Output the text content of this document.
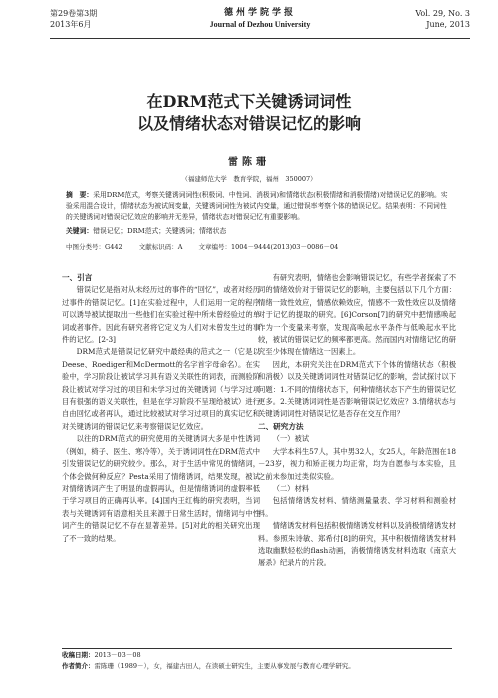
第29卷第3期
2013年6月
德州学院学报
Journal of Dezhou University
Vol. 29, No. 3
June, 2013
在DRM范式下关键诱词词性
以及情绪状态对错误记忆的影响
雷陈珊
（福建师范大学　教育学院，福州　350007）
摘　要：采用DRM范式，考察关键诱词词性(积极词、中性词、消极词)和情绪状态(积极情绪和消极情绪)对错误记忆的影响。实验采用混合设计，情绪状态为被试间变量，关键诱词词性为被试内变量，通过错误率考察个体的错误记忆。结果表明：不同词性的关键诱词对错误记忆效应的影响并无差异，情绪状态对错误记忆有重要影响。
关键词：错误记忆；DRM范式；关键诱词；情绪状态
中图分类号：G442 文献标识码：A 文章编号：1004－9444(2013)03－0086－04
一、引言

错误记忆是指对从未经历过的事件的“回忆”，或者对经历过事件的错误记忆。[1]在实验过程中，人们运用一定的程序可以诱导被试提取出一些他们在实验过程中所未曾经验过的单词或者事件。因此有研究者将它定义为人们对未曾发生过的事件的记忆。[2-3]

DRM范式是错误记忆研究中最经典的范式之一（它是以Deese、Roediger和McDermott的名字首字母命名）。在实验中，学习阶段让被试学习具有语义关联性的词表，而测验阶段让被试对学习过的项目和未学习过的关键诱词（与学习过项目有很强的语义关联性，但是在学习阶段不呈现给被试）进行自由回忆或者再认，通过比较被试对学习过项目的真实记忆和对关键诱词的错误记忆来考察错误记忆效应。

以往的DRM范式的研究使用的关键诱词大多是中性诱词（例如，椅子、医生、寒冷等），关于诱词词性在DRM范式中引发错误记忆的研究较少。那么，对于生活中常见的情绪词，个体会做何种反应？Pesta采用了情绪诱词，结果发现，被试对情绪诱词产生了明显的虚假再认，但是情绪诱词的虚假率低于学习项目的正确再认率。[4]国内王红梅的研究表明，当词表与关键诱词有语意相关且来源于日常生活时，情绪词与中性词产生的错误记忆不存在显著差异。[5]对此的相关研究出现了不一致的结果。

有研究表明，情绪也会影响错误记忆，有些学者探索了不同的情绪效价对于错误记忆的影响，主要包括以下几个方面：情绪一致性效应，情感依赖效应，情感不一致性效应以及情绪对于记忆的提取的研究。[6]Corson[7]的研究中把情感唤起作为一个变量来考察，发现高唤起水平条件与低唤起水平比较，被试的错误记忆的频率都更高。然而国内对情绪记忆的研究至少体现在情绪这一因素上。

因此，本研究关注在DRM范式下个体的情绪状态（积极和消极）以及关键诱词词性对错误记忆的影响，尝试探讨以下问题：1.不同的情绪状态下，何种情绪状态下产生的错误记忆更多。2.关键诱词词性是否影响错误记忆效应？3.情绪状态与关键诱词词性对错误记忆是否存在交互作用？

二、研究方法
（一）被试

大学本科生57人，其中男32人，女25人，年龄范围在18－23岁，视力和矫正视力均正常，均为自愿参与本实验，且之前未参加过类似实验。

（二）材料

包括情绪诱发材料、情绪测量量表、学习材料和测验材料。

情绪诱发材料包括积极情绪诱发材料以及消极情绪诱发材料。参照朱诗敏、郑希付[8]的研究，其中积极情绪诱发材料选取幽默轻松的flash动画，消极情绪诱发材料选取《南京大屠杀》纪录片的片段。

收稿日期：2013－03－08
作者简介：雷陈珊（1989－），女，福建古田人，在读硕士研究生，主要从事发展与教育心理学研究。
